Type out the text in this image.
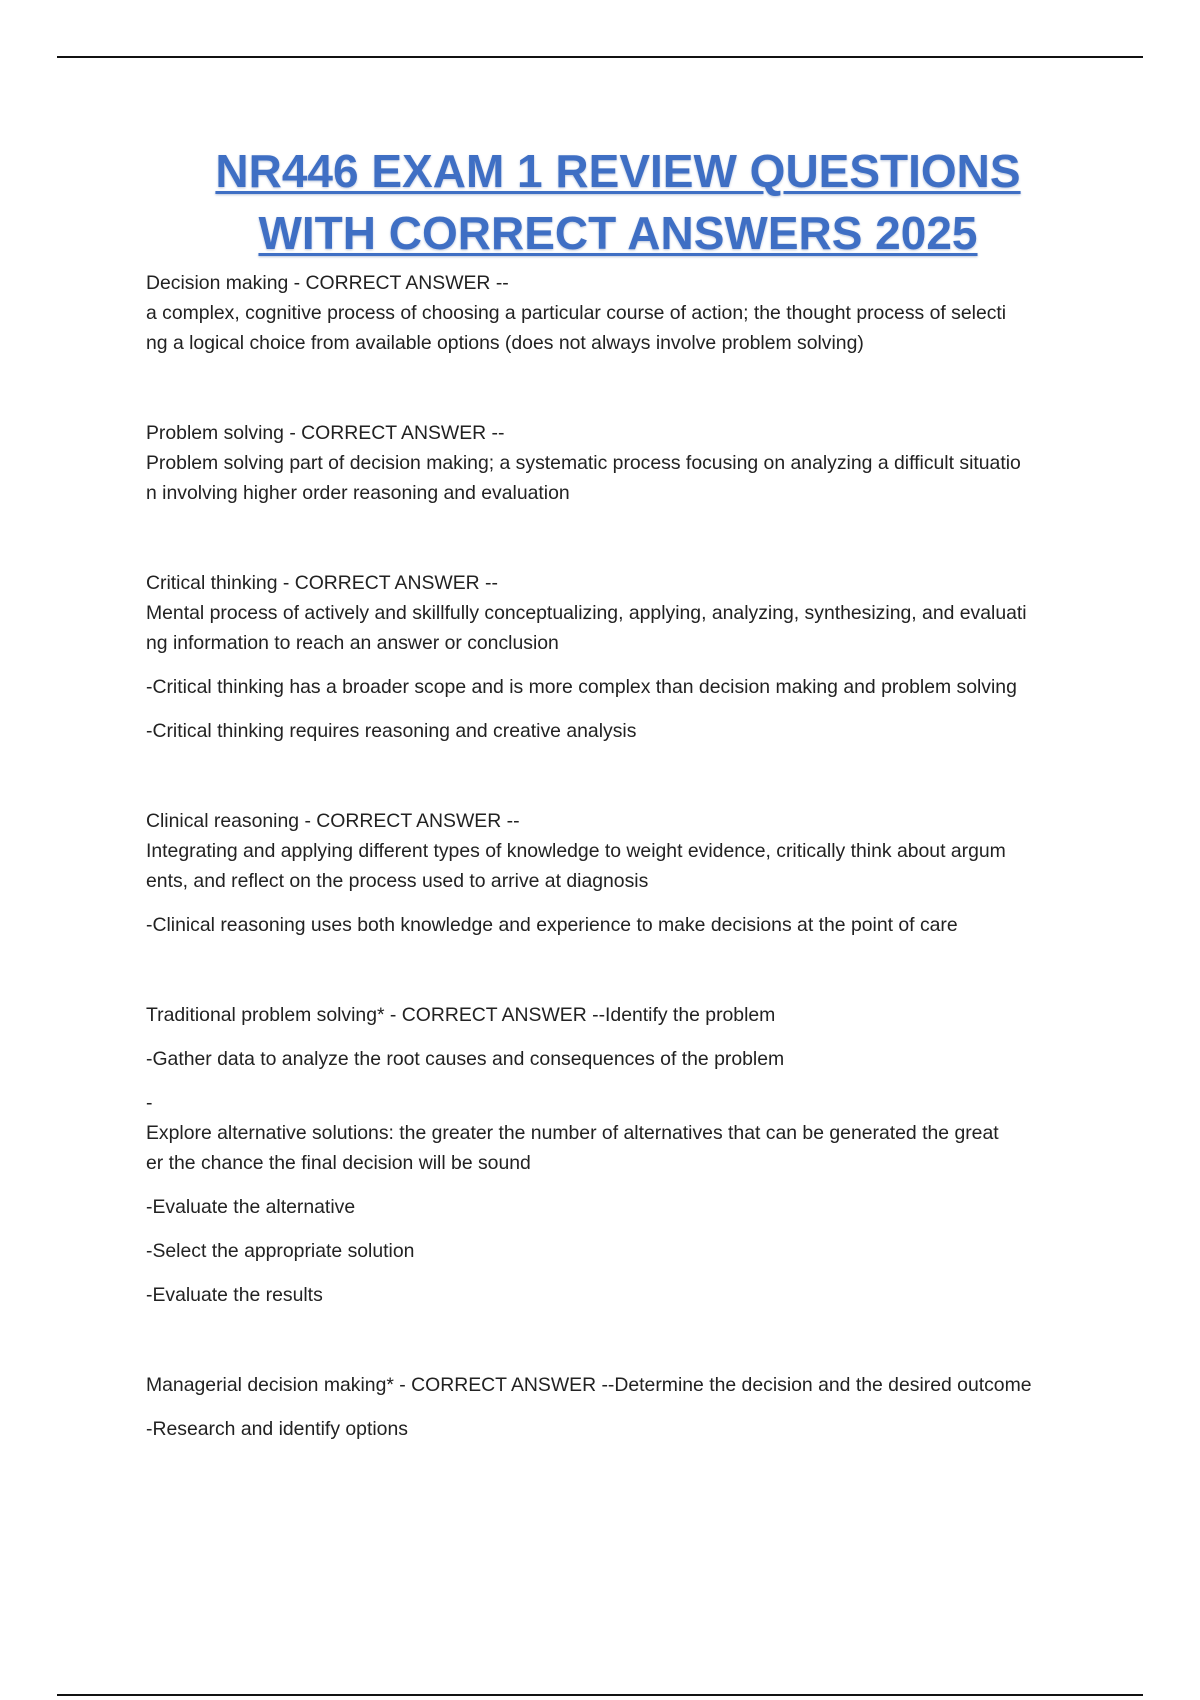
NR446 EXAM 1 REVIEW QUESTIONS
WITH CORRECT ANSWERS 2025

Decision making - CORRECT ANSWER --

a complex, cognitive process of choosing a particular course of action; the thought process of selecti

ng a logical choice from available options (does not always involve problem solving)

Problem solving - CORRECT ANSWER --

Problem solving part of decision making; a systematic process focusing on analyzing a difficult situatio

n involving higher order reasoning and evaluation

Critical thinking - CORRECT ANSWER --

Mental process of actively and skillfully conceptualizing, applying, analyzing, synthesizing, and evaluati

ng information to reach an answer or conclusion

-Critical thinking has a broader scope and is more complex than decision making and problem solving

-Critical thinking requires reasoning and creative analysis

Clinical reasoning - CORRECT ANSWER --

Integrating and applying different types of knowledge to weight evidence, critically think about argum

ents, and reflect on the process used to arrive at diagnosis

-Clinical reasoning uses both knowledge and experience to make decisions at the point of care

Traditional problem solving* - CORRECT ANSWER --Identify the problem

-Gather data to analyze the root causes and consequences of the problem

-

Explore alternative solutions: the greater the number of alternatives that can be generated the great

er the chance the final decision will be sound

-Evaluate the alternative

-Select the appropriate solution

-Evaluate the results

Managerial decision making* - CORRECT ANSWER --Determine the decision and the desired outcome

-Research and identify options
